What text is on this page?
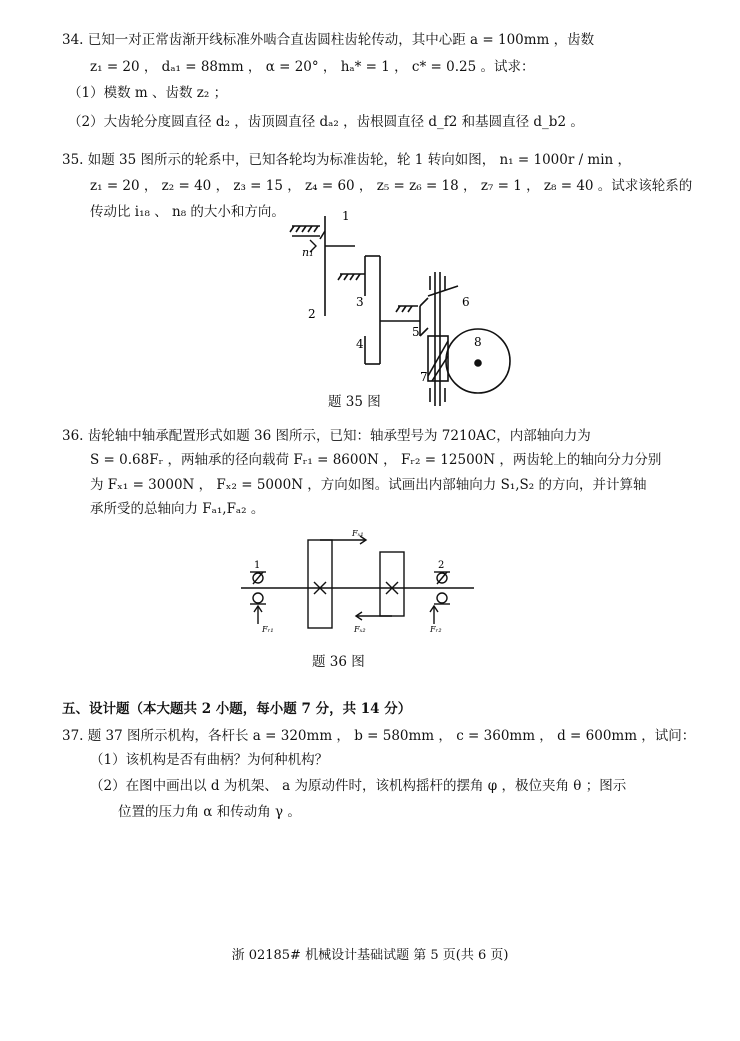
34. 已知一对正常齿渐开线标准外啮合直齿圆柱齿轮传动，其中心距 a = 100mm ，齿数
z₁ = 20 ， dₐ₁ = 88mm ， α = 20° ， hₐ* = 1 ， c* = 0.25 。试求：
（1）模数 m 、齿数 z₂ ；
（2）大齿轮分度圆直径 d₂ ，齿顶圆直径 dₐ₂ ，齿根圆直径 d_f2 和基圆直径 d_b2 。
35. 如题 35 图所示的轮系中，已知各轮均为标准齿轮，轮 1 转向如图， n₁ = 1000r / min ，
z₁ = 20 ， z₂ = 40 ， z₃ = 15 ， z₄ = 60 ， z₅ = z₆ = 18 ， z₇ = 1 ， z₈ = 40 。试求该轮系的
传动比 i₁₈ 、 n₈ 的大小和方向。	1
n₁
2
3
4
5
6
7
8
题 35 图
36. 齿轮轴中轴承配置形式如题 36 图所示，已知：轴承型号为 7210AC，内部轴向力为
S = 0.68Fᵣ ，两轴承的径向载荷 Fᵣ₁ = 8600N ， Fᵣ₂ = 12500N ，两齿轮上的轴向分力分别
为 Fₓ₁ = 3000N ， Fₓ₂ = 5000N ，方向如图。试画出内部轴向力 S₁,S₂ 的方向，并计算轴
承所受的总轴向力 Fₐ₁,Fₐ₂ 。
1	2
Fₓ₁
Fₓ₂
Fᵣ₁	Fᵣ₂
题 36 图
五、设计题（本大题共 2 小题，每小题 7 分，共 14 分）
37. 题 37 图所示机构，各杆长 a = 320mm ， b = 580mm ， c = 360mm ， d = 600mm ，试问：
（1）该机构是否有曲柄？为何种机构？
（2）在图中画出以 d 为机架、 a 为原动件时，该机构摇杆的摆角 φ ，极位夹角 θ ；图示
位置的压力角 α 和传动角 γ 。
浙 02185# 机械设计基础试题 第 5 页(共 6 页)
